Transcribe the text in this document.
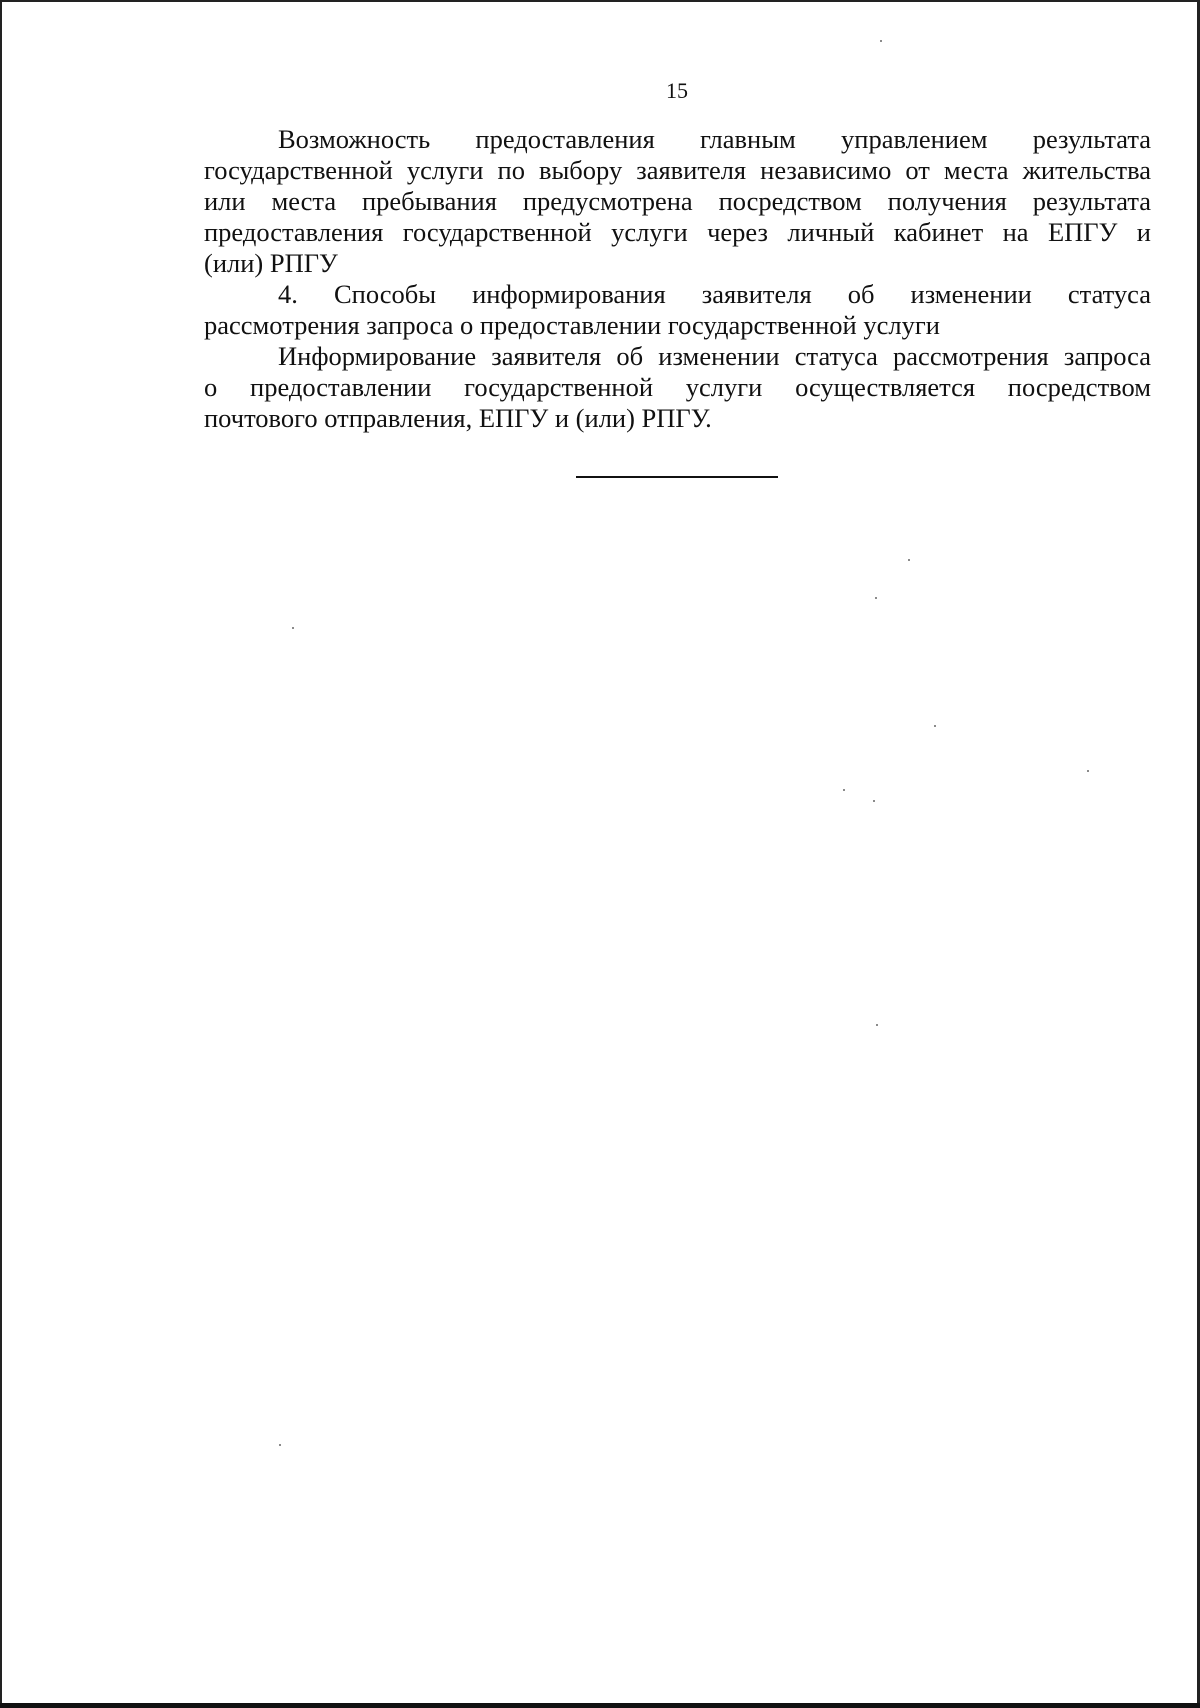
15

Возможность предоставления главным управлением результата
государственной услуги по выбору заявителя независимо от места жительства
или места пребывания предусмотрена посредством получения результата
предоставления государственной услуги через личный кабинет на ЕПГУ и
(или) РПГУ

4. Способы информирования заявителя об изменении статуса
рассмотрения запроса о предоставлении государственной услуги

Информирование заявителя об изменении статуса рассмотрения запроса
о предоставлении государственной услуги осуществляется посредством
почтового отправления, ЕПГУ и (или) РПГУ.
